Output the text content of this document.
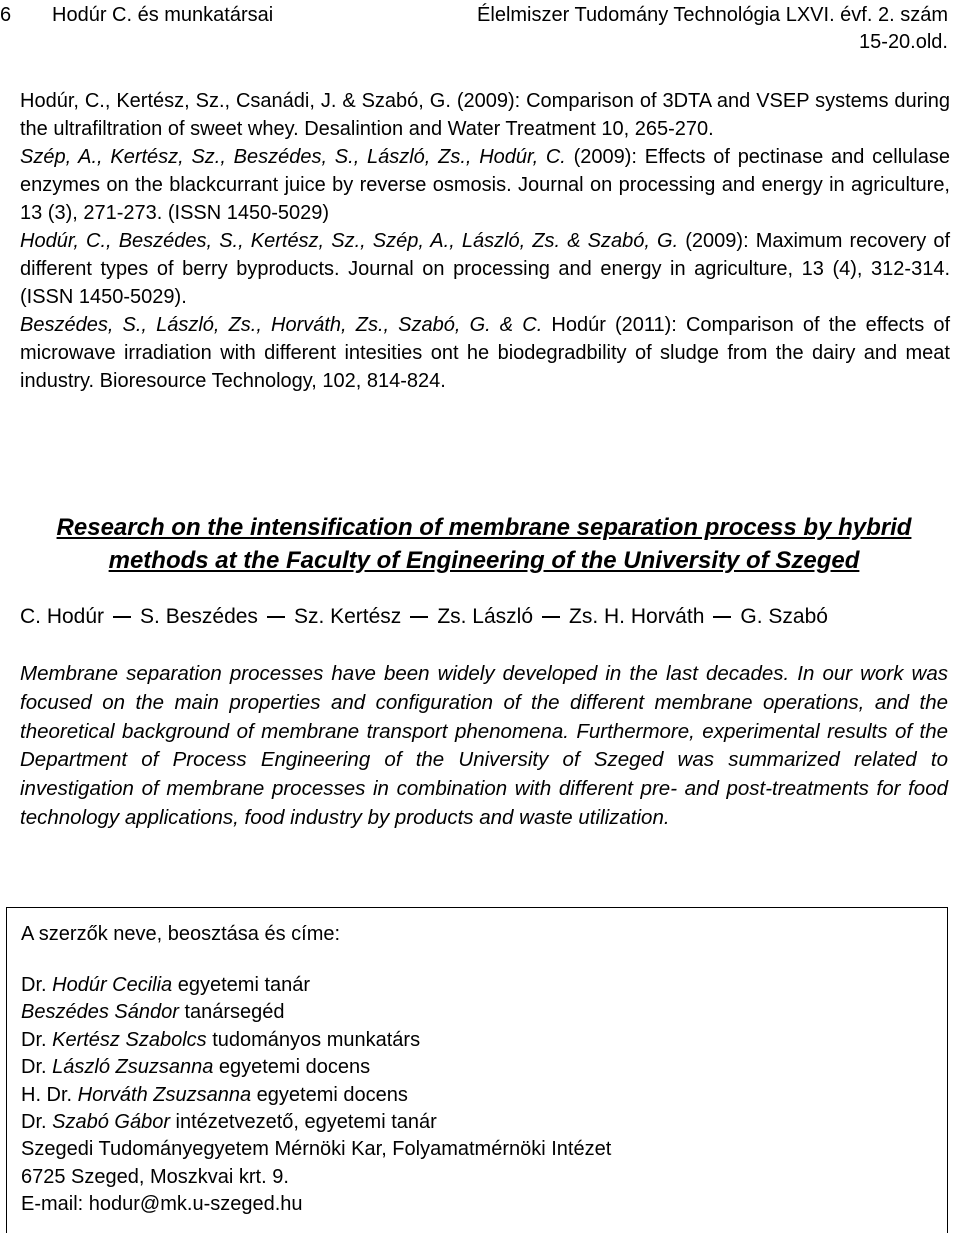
6 Hodúr C. és munkatársai	Élelmiszer Tudomány Technológia LXVI. évf. 2. szám
15-20.old.

Hodúr, C., Kertész, Sz., Csanádi, J. & Szabó, G. (2009): Comparison of 3DTA and VSEP systems during the ultrafiltration of sweet whey. Desalintion and Water Treatment 10, 265-270.

Szép, A., Kertész, Sz., Beszédes, S., László, Zs., Hodúr, C. (2009): Effects of pectinase and cellulase enzymes on the blackcurrant juice by reverse osmosis. Journal on processing and energy in agriculture, 13 (3), 271-273. (ISSN 1450-5029)

Hodúr, C., Beszédes, S., Kertész, Sz., Szép, A., László, Zs. & Szabó, G. (2009): Maximum recovery of different types of berry byproducts. Journal on processing and energy in agriculture, 13 (4), 312-314. (ISSN 1450-5029).

Beszédes, S., László, Zs., Horváth, Zs., Szabó, G. & C. Hodúr (2011): Comparison of the effects of microwave irradiation with different intesities ont he biodegradbility of sludge from the dairy and meat industry. Bioresource Technology, 102, 814-824.

Research on the intensification of membrane separation process by hybrid methods at the Faculty of Engineering of the University of Szeged
C. Hodúr S. Beszédes Sz. Kertész Zs. László Zs. H. Horváth G. Szabó
Membrane separation processes have been widely developed in the last decades. In our work was focused on the main properties and configuration of the different membrane operations, and the theoretical background of membrane transport phenomena. Furthermore, experimental results of the Department of Process Engineering of the University of Szeged was summarized related to investigation of membrane processes in combination with different pre- and post-treatments for food technology applications, food industry by products and waste utilization.
A szerzők neve, beosztása és címe:
Dr. Hodúr Cecilia egyetemi tanár
Beszédes Sándor tanársegéd
Dr. Kertész Szabolcs tudományos munkatárs
Dr. László Zsuzsanna egyetemi docens
H. Dr. Horváth Zsuzsanna egyetemi docens
Dr. Szabó Gábor intézetvezető, egyetemi tanár
Szegedi Tudományegyetem Mérnöki Kar, Folyamatmérnöki Intézet
6725 Szeged, Moszkvai krt. 9.
E-mail: hodur@mk.u-szeged.hu
